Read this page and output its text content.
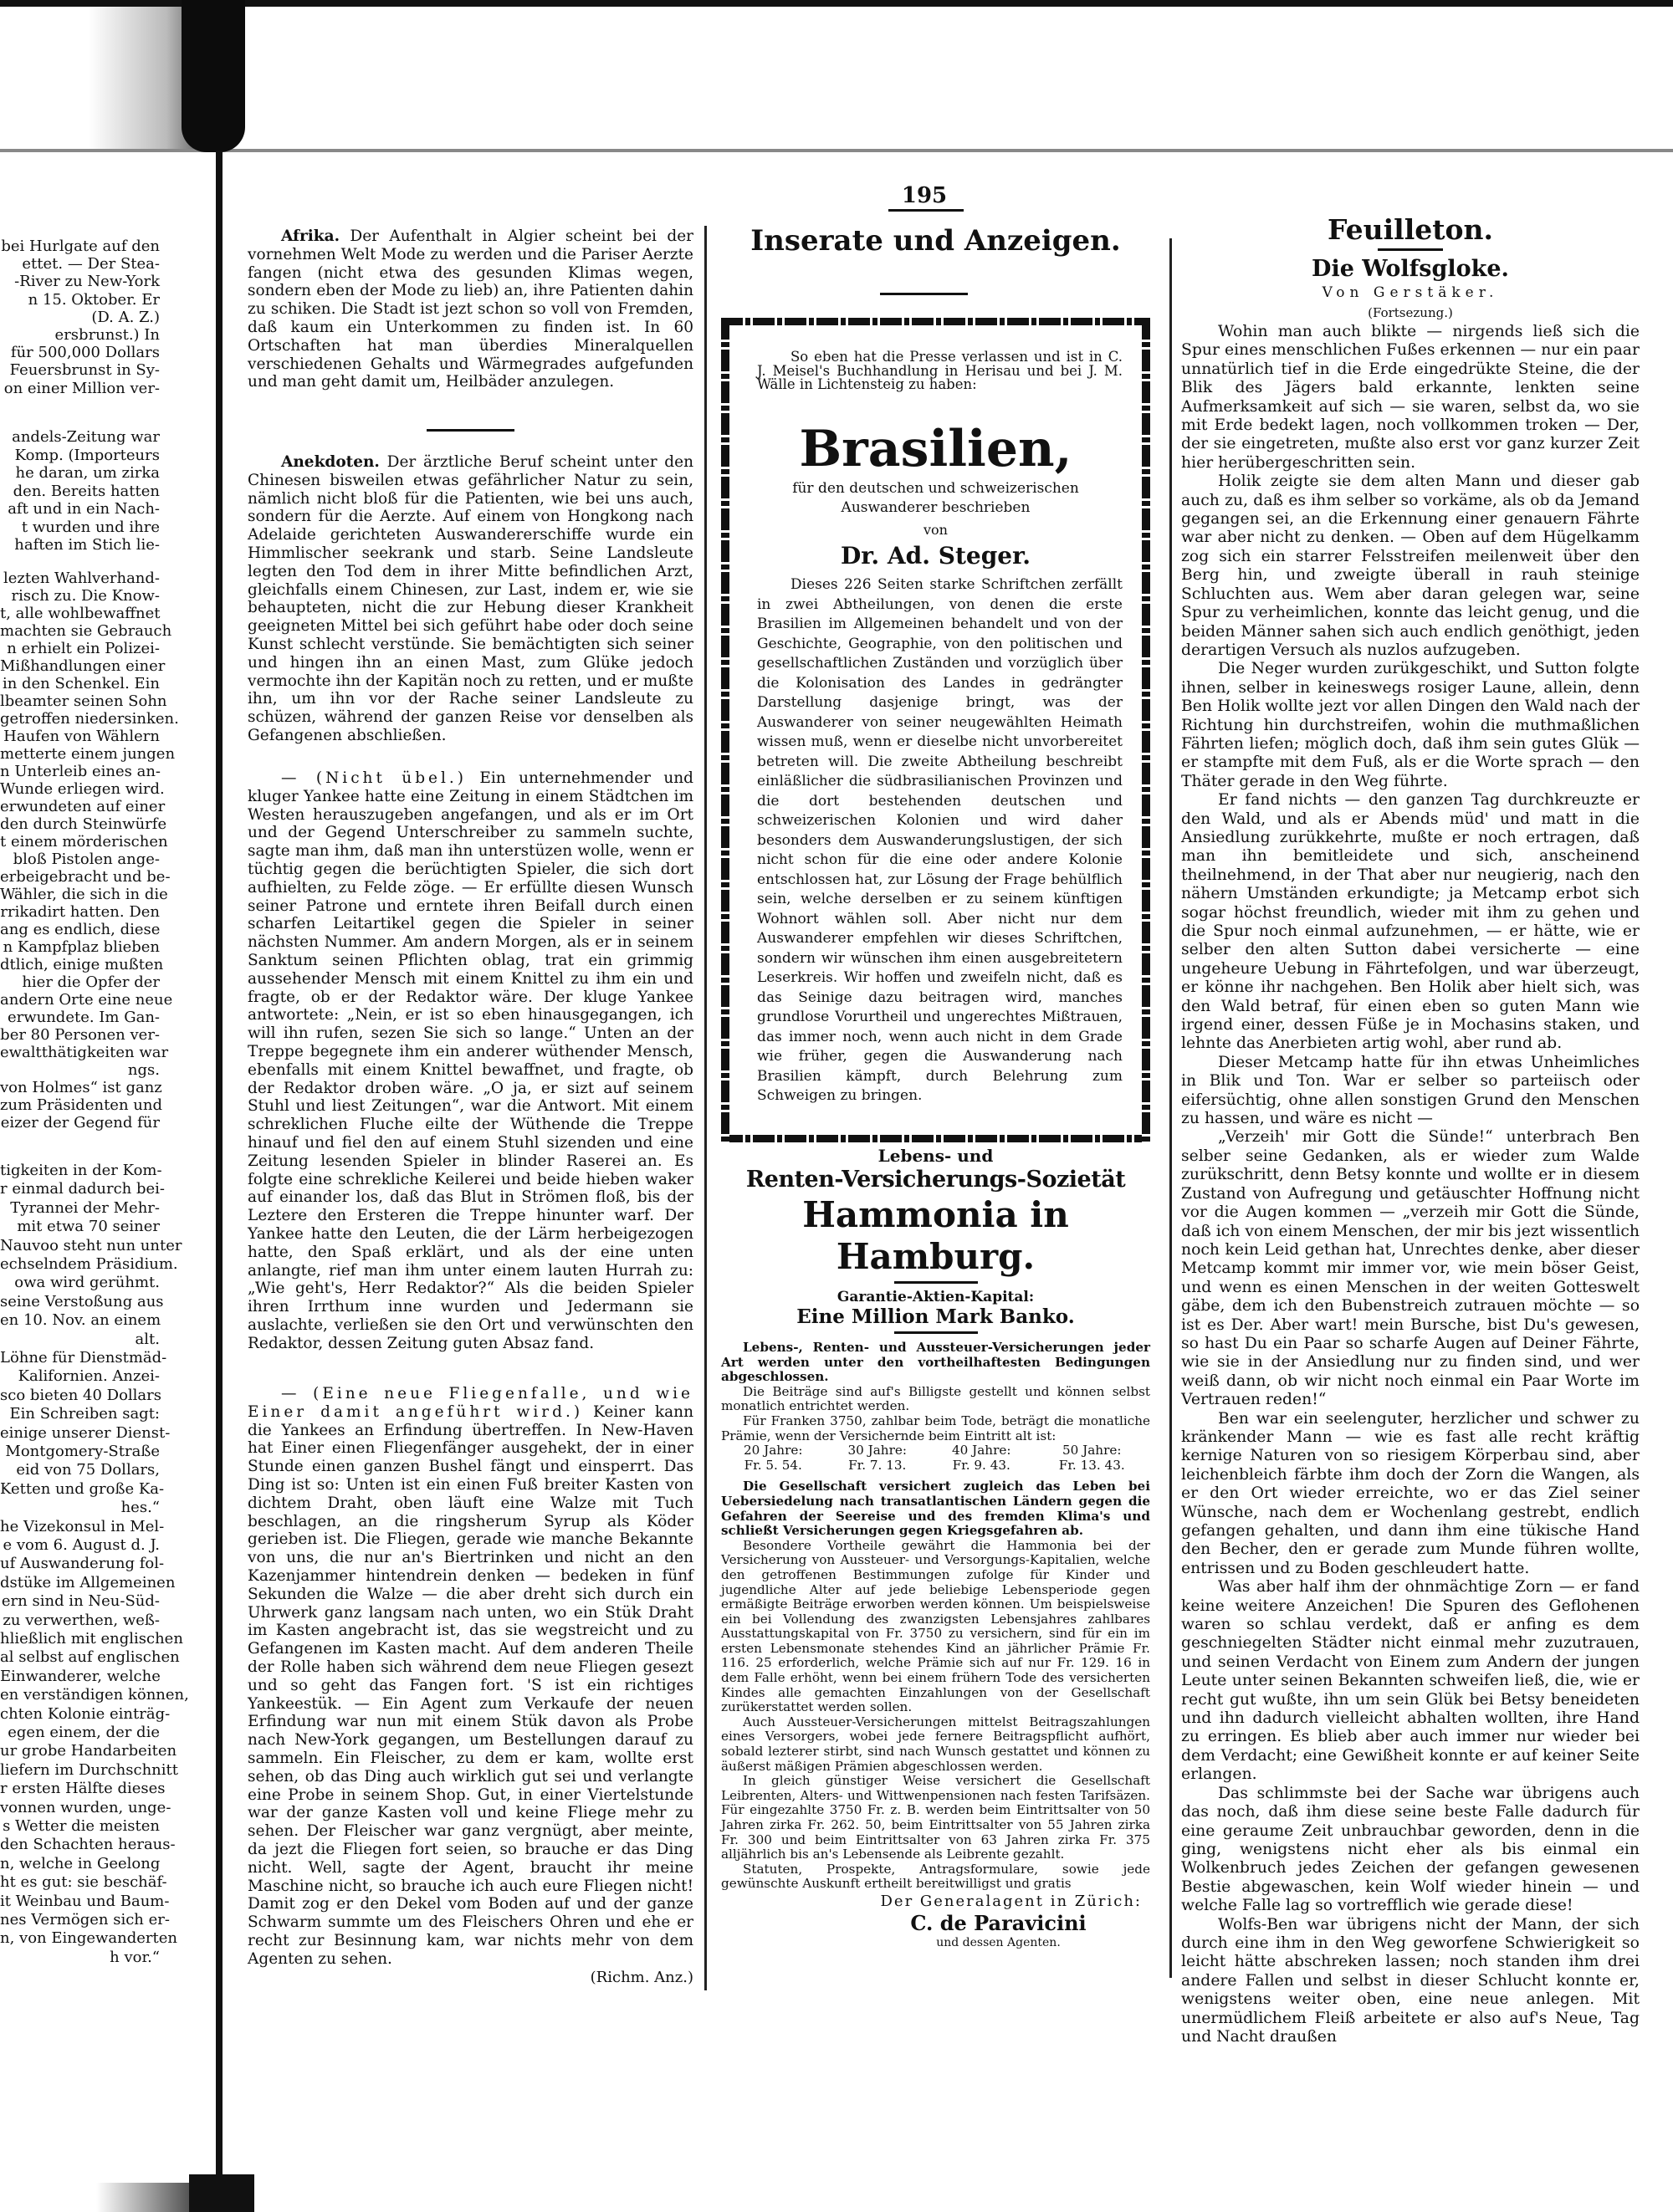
bei Hurlgate auf den
ettet. — Der Stea-
-River zu New-York
n 15. Oktober. Er
(D. A. Z.)
ersbrunst.) In
für 500,000 Dollars
Feuersbrunst in Sy-
on einer Million ver-
andels-Zeitung war
Komp. (Importeurs
he daran, um zirka
den. Bereits hatten
aft und in ein Nach-
t wurden und ihre
haften im Stich lie-
lezten Wahlverhand-
risch zu. Die Know-
t, alle wohlbewaffnet
machten sie Gebrauch
n erhielt ein Polizei-
Mißhandlungen einer
in den Schenkel. Ein
lbeamter seinen Sohn
getroffen niedersinken.
Haufen von Wählern
metterte einem jungen
n Unterleib eines an-
Wunde erliegen wird.
erwundeten auf einer
den durch Steinwürfe
t einem mörderischen
bloß Pistolen ange-
erbeigebracht und be-
Wähler, die sich in die
rrikadirt hatten. Den
ang es endlich, diese
n Kampfplaz blieben
dtlich, einige mußten
hier die Opfer der
andern Orte eine neue
erwundete. Im Gan-
ber 80 Personen ver-
ewaltthätigkeiten war
ngs.
von Holmes“ ist ganz
zum Präsidenten und
eizer der Gegend für
tigkeiten in der Kom-
r einmal dadurch bei-
Tyrannei der Mehr-
mit etwa 70 seiner
Nauvoo steht nun unter
echselndem Präsidium.
owa wird gerühmt.
seine Verstoßung aus
en 10. Nov. an einem
alt.
Löhne für Dienstmäd-
Kalifornien. Anzei-
sco bieten 40 Dollars
Ein Schreiben sagt:
einige unserer Dienst-
Montgomery-Straße
eid von 75 Dollars,
Ketten und große Ka-
hes.“
he Vizekonsul in Mel-
e vom 6. August d. J.
uf Auswanderung fol-
dstüke im Allgemeinen
ern sind in Neu-Süd-
zu verwerthen, weß-
hließlich mit englischen
al selbst auf englischen
Einwanderer, welche
en verständigen können,
chten Kolonie einträg-
egen einem, der die
ur grobe Handarbeiten
liefern im Durchschnitt
r ersten Hälfte dieses
vonnen wurden, unge-
s Wetter die meisten
den Schachten heraus-
n, welche in Geelong
ht es gut: sie beschäf-
it Weinbau und Baum-
nes Vermögen sich er-
n, von Eingewanderten
h vor.“

Afrika. Der Aufenthalt in Algier scheint bei der vornehmen Welt Mode zu werden und die Pariser Aerzte fangen (nicht etwa des gesunden Klimas wegen, sondern eben der Mode zu lieb) an, ihre Patienten dahin zu schiken. Die Stadt ist jezt schon so voll von Fremden, daß kaum ein Unterkommen zu finden ist. In 60 Ortschaften hat man überdies Mineralquellen verschiedenen Gehalts und Wärmegrades aufgefunden und man geht damit um, Heilbäder anzulegen.

Anekdoten. Der ärztliche Beruf scheint unter den Chinesen bisweilen etwas gefährlicher Natur zu sein, nämlich nicht bloß für die Patienten, wie bei uns auch, sondern für die Aerzte. Auf einem von Hongkong nach Adelaide gerichteten Auswandererschiffe wurde ein Himmlischer seekrank und starb. Seine Landsleute legten den Tod dem in ihrer Mitte befindlichen Arzt, gleichfalls einem Chinesen, zur Last, indem er, wie sie behaupteten, nicht die zur Hebung dieser Krankheit geeigneten Mittel bei sich geführt habe oder doch seine Kunst schlecht verstünde. Sie bemächtigten sich seiner und hingen ihn an einen Mast, zum Glüke jedoch vermochte ihn der Kapitän noch zu retten, und er mußte ihn, um ihn vor der Rache seiner Landsleute zu schüzen, während der ganzen Reise vor denselben als Gefangenen abschließen.

— (Nicht übel.) Ein unternehmender und kluger Yankee hatte eine Zeitung in einem Städtchen im Westen herauszugeben angefangen, und als er im Ort und der Gegend Unterschreiber zu sammeln suchte, sagte man ihm, daß man ihn unterstüzen wolle, wenn er tüchtig gegen die berüchtigten Spieler, die sich dort aufhielten, zu Felde zöge. — Er erfüllte diesen Wunsch seiner Patrone und erntete ihren Beifall durch einen scharfen Leitartikel gegen die Spieler in seiner nächsten Nummer. Am andern Morgen, als er in seinem Sanktum seinen Pflichten oblag, trat ein grimmig aussehender Mensch mit einem Knittel zu ihm ein und fragte, ob er der Redaktor wäre. Der kluge Yankee antwortete: „Nein, er ist so eben hinausgegangen, ich will ihn rufen, sezen Sie sich so lange.“ Unten an der Treppe begegnete ihm ein anderer wüthender Mensch, ebenfalls mit einem Knittel bewaffnet, und fragte, ob der Redaktor droben wäre. „O ja, er sizt auf seinem Stuhl und liest Zeitungen“, war die Antwort. Mit einem schreklichen Fluche eilte der Wüthende die Treppe hinauf und fiel den auf einem Stuhl sizenden und eine Zeitung lesenden Spieler in blinder Raserei an. Es folgte eine schrekliche Keilerei und beide hieben waker auf einander los, daß das Blut in Strömen floß, bis der Leztere den Ersteren die Treppe hinunter warf. Der Yankee hatte den Leuten, die der Lärm herbeigezogen hatte, den Spaß erklärt, und als der eine unten anlangte, rief man ihm unter einem lauten Hurrah zu: „Wie geht's, Herr Redaktor?“ Als die beiden Spieler ihren Irrthum inne wurden und Jedermann sie auslachte, verließen sie den Ort und verwünschten den Redaktor, dessen Zeitung guten Absaz fand.

— (Eine neue Fliegenfalle, und wie Einer damit angeführt wird.) Keiner kann die Yankees an Erfindung übertreffen. In New-Haven hat Einer einen Fliegenfänger ausgehekt, der in einer Stunde einen ganzen Bushel fängt und einsperrt. Das Ding ist so: Unten ist ein einen Fuß breiter Kasten von dichtem Draht, oben läuft eine Walze mit Tuch beschlagen, an die ringsherum Syrup als Köder gerieben ist. Die Fliegen, gerade wie manche Bekannte von uns, die nur an's Biertrinken und nicht an den Kazenjammer hintendrein denken — bedeken in fünf Sekunden die Walze — die aber dreht sich durch ein Uhrwerk ganz langsam nach unten, wo ein Stük Draht im Kasten angebracht ist, das sie wegstreicht und zu Gefangenen im Kasten macht. Auf dem anderen Theile der Rolle haben sich während dem neue Fliegen gesezt und so geht das Fangen fort. 'S ist ein richtiges Yankeestük. — Ein Agent zum Verkaufe der neuen Erfindung war nun mit einem Stük davon als Probe nach New-York gegangen, um Bestellungen darauf zu sammeln. Ein Fleischer, zu dem er kam, wollte erst sehen, ob das Ding auch wirklich gut sei und verlangte eine Probe in seinem Shop. Gut, in einer Viertelstunde war der ganze Kasten voll und keine Fliege mehr zu sehen. Der Fleischer war ganz vergnügt, aber meinte, da jezt die Fliegen fort seien, so brauche er das Ding nicht. Well, sagte der Agent, braucht ihr meine Maschine nicht, so brauche ich auch eure Fliegen nicht! Damit zog er den Dekel vom Boden auf und der ganze Schwarm summte um des Fleischers Ohren und ehe er recht zur Besinnung kam, war nichts mehr von dem Agenten zu sehen.

(Richm. Anz.)
195
Inserate und Anzeigen.

So eben hat die Presse verlassen und ist in C. J. Meisel's Buchhandlung in Herisau und bei J. M. Wälle in Lichtensteig zu haben:

Brasilien,
für den deutschen und schweizerischen Auswanderer beschrieben
von
Dr. Ad. Steger.

Dieses 226 Seiten starke Schriftchen zerfällt in zwei Abtheilungen, von denen die erste Brasilien im Allgemeinen behandelt und von der Geschichte, Geographie, von den politischen und gesellschaftlichen Zuständen und vorzüglich über die Kolonisation des Landes in gedrängter Darstellung dasjenige bringt, was der Auswanderer von seiner neugewählten Heimath wissen muß, wenn er dieselbe nicht unvorbereitet betreten will. Die zweite Abtheilung beschreibt einläßlicher die südbrasilianischen Provinzen und die dort bestehenden deutschen und schweizerischen Kolonien und wird daher besonders dem Auswanderungslustigen, der sich nicht schon für die eine oder andere Kolonie entschlossen hat, zur Lösung der Frage behülflich sein, welche derselben er zu seinem künftigen Wohnort wählen soll. Aber nicht nur dem Auswanderer empfehlen wir dieses Schriftchen, sondern wir wünschen ihm einen ausgebreitetern Leserkreis. Wir hoffen und zweifeln nicht, daß es das Seinige dazu beitragen wird, manches grundlose Vorurtheil und ungerechtes Mißtrauen, das immer noch, wenn auch nicht in dem Grade wie früher, gegen die Auswanderung nach Brasilien kämpft, durch Belehrung zum Schweigen zu bringen.

Lebens- und
Renten-Versicherungs-Sozietät
Hammonia in Hamburg.
Garantie-Aktien-Kapital:
Eine Million Mark Banko.

Lebens-, Renten- und Aussteuer-Versicherungen jeder Art werden unter den vortheilhaftesten Bedingungen abgeschlossen.

Die Beiträge sind auf's Billigste gestellt und können selbst monatlich entrichtet werden.

Für Franken 3750, zahlbar beim Tode, beträgt die monatliche Prämie, wenn der Versichernde beim Eintritt alt ist:

20 Jahre:	30 Jahre:	40 Jahre:	50 Jahre:
Fr. 5. 54.	Fr. 7. 13.	Fr. 9. 43.	Fr. 13. 43.

Die Gesellschaft versichert zugleich das Leben bei Uebersiedelung nach transatlantischen Ländern gegen die Gefahren der Seereise und des fremden Klima's und schließt Versicherungen gegen Kriegsgefahren ab.

Besondere Vortheile gewährt die Hammonia bei der Versicherung von Aussteuer- und Versorgungs-Kapitalien, welche den getroffenen Bestimmungen zufolge für Kinder und jugendliche Alter auf jede beliebige Lebensperiode gegen ermäßigte Beiträge erworben werden können. Um beispielsweise ein bei Vollendung des zwanzigsten Lebensjahres zahlbares Ausstattungskapital von Fr. 3750 zu versichern, sind für ein im ersten Lebensmonate stehendes Kind an jährlicher Prämie Fr. 116. 25 erforderlich, welche Prämie sich auf nur Fr. 129. 16 in dem Falle erhöht, wenn bei einem frühern Tode des versicherten Kindes alle gemachten Einzahlungen von der Gesellschaft zurükerstattet werden sollen.

Auch Aussteuer-Versicherungen mittelst Beitragszahlungen eines Versorgers, wobei jede fernere Beitragspflicht aufhört, sobald lezterer stirbt, sind nach Wunsch gestattet und können zu äußerst mäßigen Prämien abgeschlossen werden.

In gleich günstiger Weise versichert die Gesellschaft Leibrenten, Alters- und Wittwenpensionen nach festen Tarifsäzen. Für eingezahlte 3750 Fr. z. B. werden beim Eintrittsalter von 50 Jahren zirka Fr. 262. 50, beim Eintrittsalter von 55 Jahren zirka Fr. 300 und beim Eintrittsalter von 63 Jahren zirka Fr. 375 alljährlich bis an's Lebensende als Leibrente gezahlt.

Statuten, Prospekte, Antragsformulare, sowie jede gewünschte Auskunft ertheilt bereitwilligst und gratis

Der Generalagent in Zürich:
C. de Paravicini
und dessen Agenten.
Feuilleton.
Die Wolfsgloke.
Von Gerstäker.
(Fortsezung.)

Wohin man auch blikte — nirgends ließ sich die Spur eines menschlichen Fußes erkennen — nur ein paar unnatürlich tief in die Erde eingedrükte Steine, die der Blik des Jägers bald erkannte, lenkten seine Aufmerksamkeit auf sich — sie waren, selbst da, wo sie mit Erde bedekt lagen, noch vollkommen troken — Der, der sie eingetreten, mußte also erst vor ganz kurzer Zeit hier herübergeschritten sein.

Holik zeigte sie dem alten Mann und dieser gab auch zu, daß es ihm selber so vorkäme, als ob da Jemand gegangen sei, an die Erkennung einer genauern Fährte war aber nicht zu denken. — Oben auf dem Hügelkamm zog sich ein starrer Felsstreifen meilenweit über den Berg hin, und zweigte überall in rauh steinige Schluchten aus. Wem aber daran gelegen war, seine Spur zu verheimlichen, konnte das leicht genug, und die beiden Männer sahen sich auch endlich genöthigt, jeden derartigen Versuch als nuzlos aufzugeben.

Die Neger wurden zurükgeschikt, und Sutton folgte ihnen, selber in keineswegs rosiger Laune, allein, denn Ben Holik wollte jezt vor allen Dingen den Wald nach der Richtung hin durchstreifen, wohin die muthmaßlichen Fährten liefen; möglich doch, daß ihm sein gutes Glük — er stampfte mit dem Fuß, als er die Worte sprach — den Thäter gerade in den Weg führte.

Er fand nichts — den ganzen Tag durchkreuzte er den Wald, und als er Abends müd' und matt in die Ansiedlung zurükkehrte, mußte er noch ertragen, daß man ihn bemitleidete und sich, anscheinend theilnehmend, in der That aber nur neugierig, nach den nähern Umständen erkundigte; ja Metcamp erbot sich sogar höchst freundlich, wieder mit ihm zu gehen und die Spur noch einmal aufzunehmen, — er hätte, wie er selber den alten Sutton dabei versicherte — eine ungeheure Uebung in Fährtefolgen, und war überzeugt, er könne ihr nachgehen. Ben Holik aber hielt sich, was den Wald betraf, für einen eben so guten Mann wie irgend einer, dessen Füße je in Mochasins staken, und lehnte das Anerbieten artig wohl, aber rund ab.

Dieser Metcamp hatte für ihn etwas Unheimliches in Blik und Ton. War er selber so parteiisch oder eifersüchtig, ohne allen sonstigen Grund den Menschen zu hassen, und wäre es nicht —

„Verzeih' mir Gott die Sünde!“ unterbrach Ben selber seine Gedanken, als er wieder zum Walde zurükschritt, denn Betsy konnte und wollte er in diesem Zustand von Aufregung und getäuschter Hoffnung nicht vor die Augen kommen — „verzeih mir Gott die Sünde, daß ich von einem Menschen, der mir bis jezt wissentlich noch kein Leid gethan hat, Unrechtes denke, aber dieser Metcamp kommt mir immer vor, wie mein böser Geist, und wenn es einen Menschen in der weiten Gotteswelt gäbe, dem ich den Bubenstreich zutrauen möchte — so ist es Der. Aber wart! mein Bursche, bist Du's gewesen, so hast Du ein Paar so scharfe Augen auf Deiner Fährte, wie sie in der Ansiedlung nur zu finden sind, und wer weiß dann, ob wir nicht noch einmal ein Paar Worte im Vertrauen reden!“

Ben war ein seelenguter, herzlicher und schwer zu kränkender Mann — wie es fast alle recht kräftig kernige Naturen von so riesigem Körperbau sind, aber leichenbleich färbte ihm doch der Zorn die Wangen, als er den Ort wieder erreichte, wo er das Ziel seiner Wünsche, nach dem er Wochenlang gestrebt, endlich gefangen gehalten, und dann ihm eine tükische Hand den Becher, den er gerade zum Munde führen wollte, entrissen und zu Boden geschleudert hatte.

Was aber half ihm der ohnmächtige Zorn — er fand keine weitere Anzeichen! Die Spuren des Geflohenen waren so schlau verdekt, daß er anfing es dem geschniegelten Städter nicht einmal mehr zuzutrauen, und seinen Verdacht von Einem zum Andern der jungen Leute unter seinen Bekannten schweifen ließ, die, wie er recht gut wußte, ihn um sein Glük bei Betsy beneideten und ihn dadurch vielleicht abhalten wollten, ihre Hand zu erringen. Es blieb aber auch immer nur wieder bei dem Verdacht; eine Gewißheit konnte er auf keiner Seite erlangen.

Das schlimmste bei der Sache war übrigens auch das noch, daß ihm diese seine beste Falle dadurch für eine geraume Zeit unbrauchbar geworden, denn in die ging, wenigstens nicht eher als bis einmal ein Wolkenbruch jedes Zeichen der gefangen gewesenen Bestie abgewaschen, kein Wolf wieder hinein — und welche Falle lag so vortrefflich wie gerade diese!

Wolfs-Ben war übrigens nicht der Mann, der sich durch eine ihm in den Weg geworfene Schwierigkeit so leicht hätte abschreken lassen; noch standen ihm drei andere Fallen und selbst in dieser Schlucht konnte er, wenigstens weiter oben, eine neue anlegen. Mit unermüdlichem Fleiß arbeitete er also auf's Neue, Tag und Nacht draußen
